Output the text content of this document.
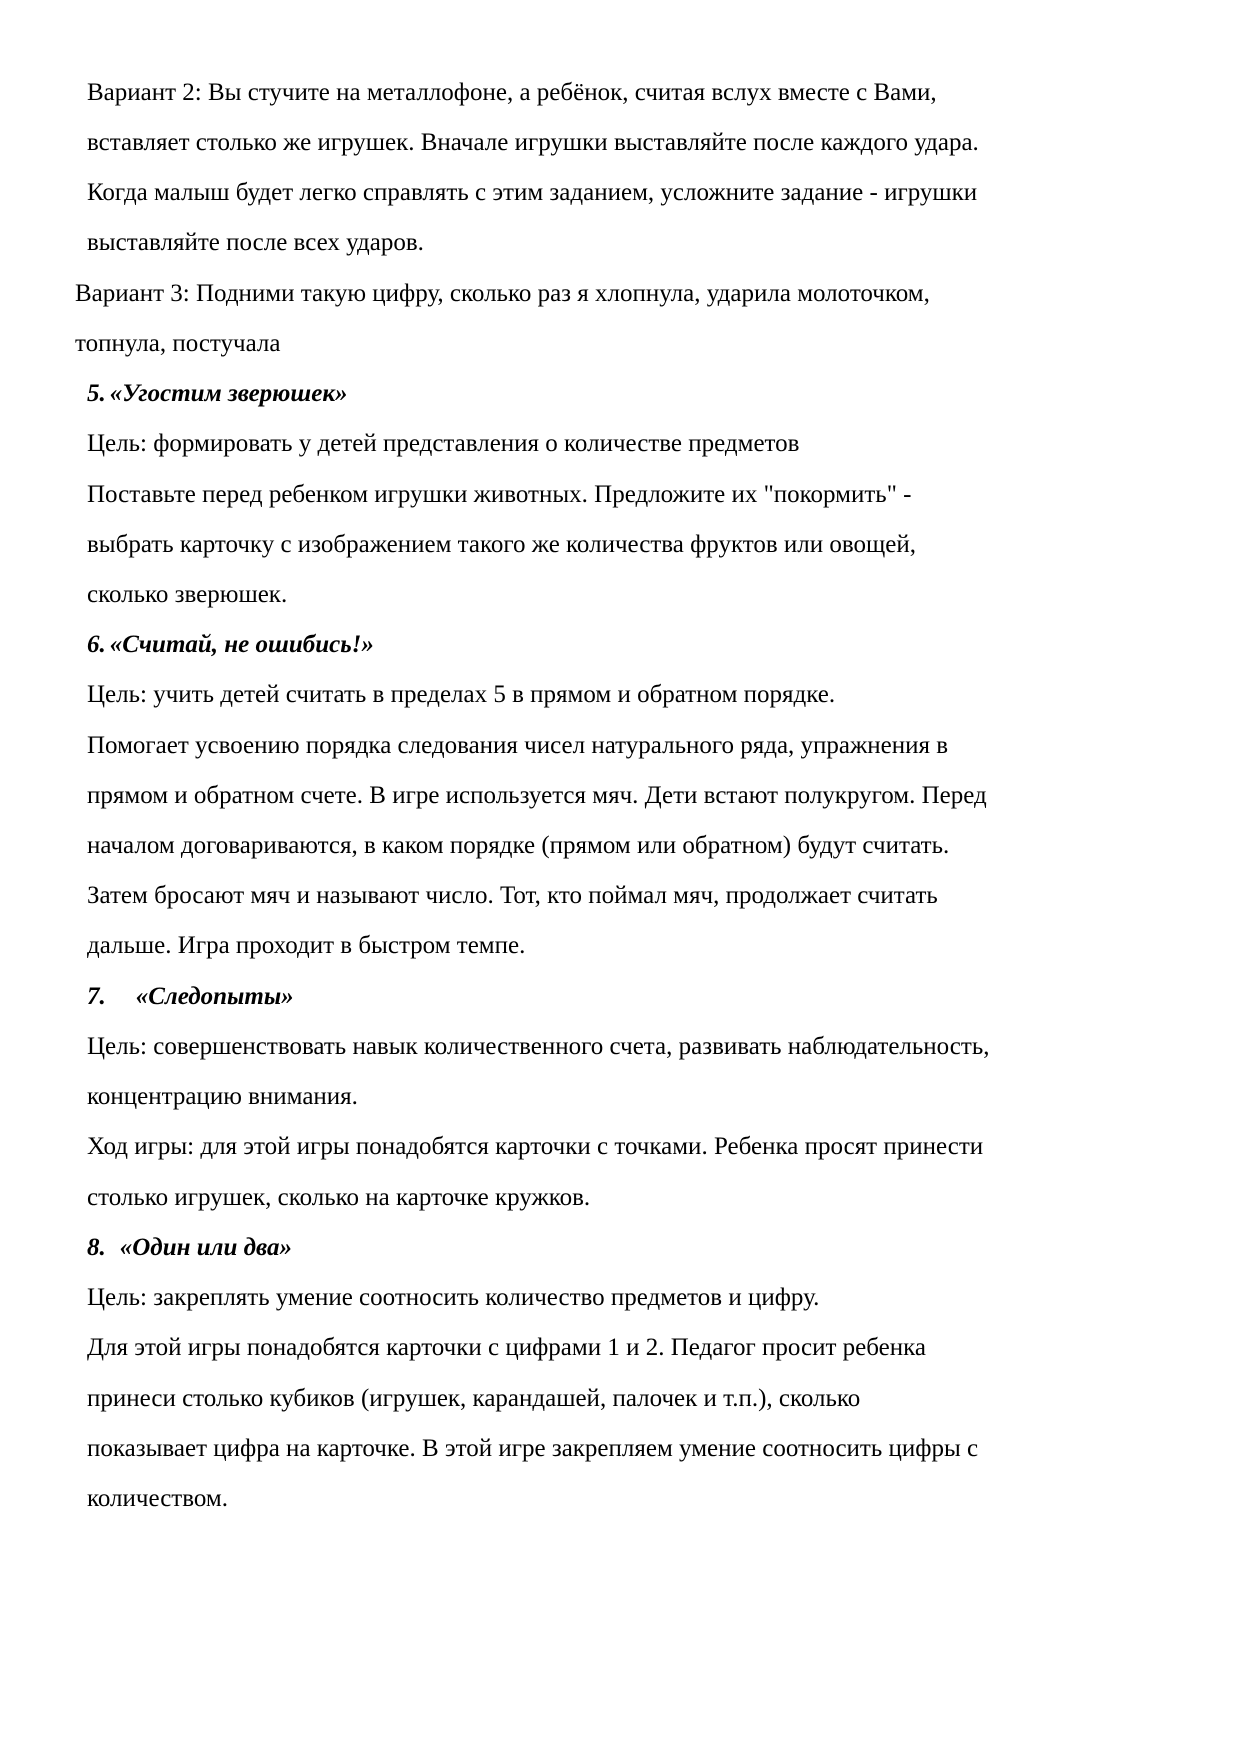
Вариант 2: Вы стучите на металлофоне, а ребёнок, считая вслух вместе с Вами,
вставляет столько же игрушек. Вначале игрушки выставляйте после каждого удара.
Когда малыш будет легко справлять с этим заданием, усложните задание - игрушки
выставляйте после всех ударов.
Вариант 3: Подними такую цифру, сколько раз я хлопнула, ударила молоточком,
топнула, постучала
5. «Угостим зверюшек»
Цель: формировать у детей представления о количестве предметов
Поставьте перед ребенком игрушки животных. Предложите их "покормить" -
выбрать карточку с изображением такого же количества фруктов или овощей,
сколько зверюшек.
6. «Считай, не ошибись!»
Цель: учить детей считать в пределах 5 в прямом и обратном порядке.
Помогает усвоению порядка следования чисел натурального ряда, упражнения в
прямом и обратном счете. В игре используется мяч. Дети встают полукругом. Перед
началом договариваются, в каком порядке (прямом или обратном) будут считать.
Затем бросают мяч и называют число. Тот, кто поймал мяч, продолжает считать
дальше. Игра проходит в быстром темпе.
7. «Следопыты»
Цель: совершенствовать навык количественного счета, развивать наблюдательность,
концентрацию внимания.
Ход игры: для этой игры понадобятся карточки с точками. Ребенка просят принести
столько игрушек, сколько на карточке кружков.
8. «Один или два»
Цель: закреплять умение соотносить количество предметов и цифру.
Для этой игры понадобятся карточки с цифрами 1 и 2. Педагог просит ребенка
принеси столько кубиков (игрушек, карандашей, палочек и т.п.), сколько
показывает цифра на карточке. В этой игре закрепляем умение соотносить цифры с
количеством.
